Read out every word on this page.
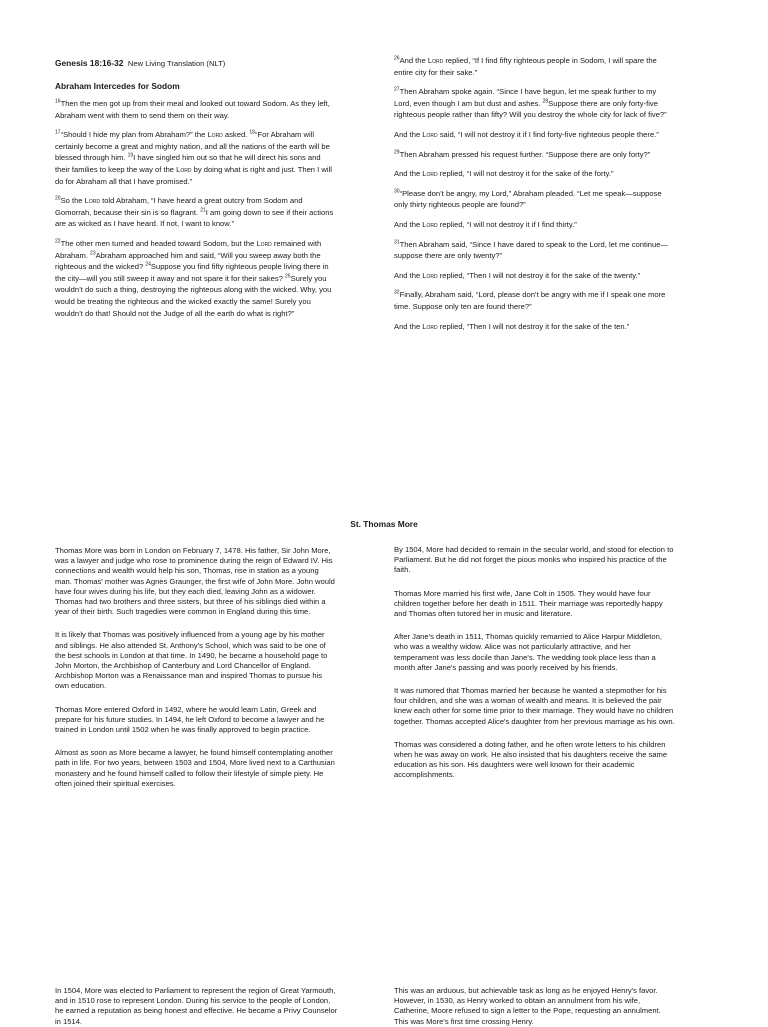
Genesis 18:16-32 New Living Translation (NLT)
Abraham Intercedes for Sodom

$^{16}$Then the men got up from their meal and looked out toward Sodom. As they left, Abraham went with them to send them on their way.

$^{17}$“Should I hide my plan from Abraham?” the Lord asked. $^{18}$“For Abraham will certainly become a great and mighty nation, and all the nations of the earth will be blessed through him. $^{19}$I have singled him out so that he will direct his sons and their families to keep the way of the Lord by doing what is right and just. Then I will do for Abraham all that I have promised.”

$^{20}$So the Lord told Abraham, “I have heard a great outcry from Sodom and Gomorrah, because their sin is so flagrant. $^{21}$I am going down to see if their actions are as wicked as I have heard. If not, I want to know.”

$^{22}$The other men turned and headed toward Sodom, but the Lord remained with Abraham. $^{23}$Abraham approached him and said, “Will you sweep away both the righteous and the wicked? $^{24}$Suppose you find fifty righteous people living there in the city—will you still sweep it away and not spare it for their sakes? $^{25}$Surely you wouldn’t do such a thing, destroying the righteous along with the wicked. Why, you would be treating the righteous and the wicked exactly the same! Surely you wouldn’t do that! Should not the Judge of all the earth do what is right?”

$^{26}$And the Lord replied, “If I find fifty righteous people in Sodom, I will spare the entire city for their sake.”

$^{27}$Then Abraham spoke again. “Since I have begun, let me speak further to my Lord, even though I am but dust and ashes. $^{28}$Suppose there are only forty-five righteous people rather than fifty? Will you destroy the whole city for lack of five?”

And the Lord said, “I will not destroy it if I find forty-five righteous people there.”

$^{29}$Then Abraham pressed his request further. “Suppose there are only forty?”

And the Lord replied, “I will not destroy it for the sake of the forty.”

$^{30}$“Please don’t be angry, my Lord,” Abraham pleaded. “Let me speak—suppose only thirty righteous people are found?”

And the Lord replied, “I will not destroy it if I find thirty.”

$^{31}$Then Abraham said, “Since I have dared to speak to the Lord, let me continue—suppose there are only twenty?”

And the Lord replied, “Then I will not destroy it for the sake of the twenty.”

$^{32}$Finally, Abraham said, “Lord, please don’t be angry with me if I speak one more time. Suppose only ten are found there?”

And the Lord replied, “Then I will not destroy it for the sake of the ten.”

St. Thomas More

Thomas More was born in London on February 7, 1478. His father, Sir John More, was a lawyer and judge who rose to prominence during the reign of Edward IV. His connections and wealth would help his son, Thomas, rise in station as a young man. Thomas' mother was Agnes Graunger, the first wife of John More. John would have four wives during his life, but they each died, leaving John as a widower. Thomas had two brothers and three sisters, but three of his siblings died within a year of their birth. Such tragedies were common in England during this time.

It is likely that Thomas was positively influenced from a young age by his mother and siblings. He also attended St. Anthony's School, which was said to be one of the best schools in London at that time. In 1490, he became a household page to John Morton, the Archbishop of Canterbury and Lord Chancellor of England. Archbishop Morton was a Renaissance man and inspired Thomas to pursue his own education.

Thomas More entered Oxford in 1492, where he would learn Latin, Greek and prepare for his future studies. In 1494, he left Oxford to become a lawyer and he trained in London until 1502 when he was finally approved to begin practice.

Almost as soon as More became a lawyer, he found himself contemplating another path in life. For two years, between 1503 and 1504, More lived next to a Carthusian monastery and he found himself called to follow their lifestyle of simple piety. He often joined their spiritual exercises.

By 1504, More had decided to remain in the secular world, and stood for election to Parliament. But he did not forget the pious monks who inspired his practice of the faith.

Thomas More married his first wife, Jane Colt in 1505. They would have four children together before her death in 1511. Their marriage was reportedly happy and Thomas often tutored her in music and literature.

After Jane's death in 1511, Thomas quickly remarried to Alice Harpur Middleton, who was a wealthy widow. Alice was not particularly attractive, and her temperament was less docile than Jane's. The wedding took place less than a month after Jane's passing and was poorly received by his friends.

It was rumored that Thomas married her because he wanted a stepmother for his four children, and she was a woman of wealth and means. It is believed the pair knew each other for some time prior to their marriage. They would have no children together. Thomas accepted Alice's daughter from her previous marriage as his own.

Thomas was considered a doting father, and he often wrote letters to his children when he was away on work. He also insisted that his daughters receive the same education as his son. His daughters were well known for their academic accomplishments.

In 1504, More was elected to Parliament to represent the region of Great Yarmouth, and in 1510 rose to represent London. During his service to the people of London, he earned a reputation as being honest and effective. He became a Privy Counselor in 1514.

This was an arduous, but achievable task as long as he enjoyed Henry's favor. However, in 1530, as Henry worked to obtain an annulment from his wife, Catherine, Moore refused to sign a letter to the Pope, requesting an annulment. This was More's first time crossing Henry.
